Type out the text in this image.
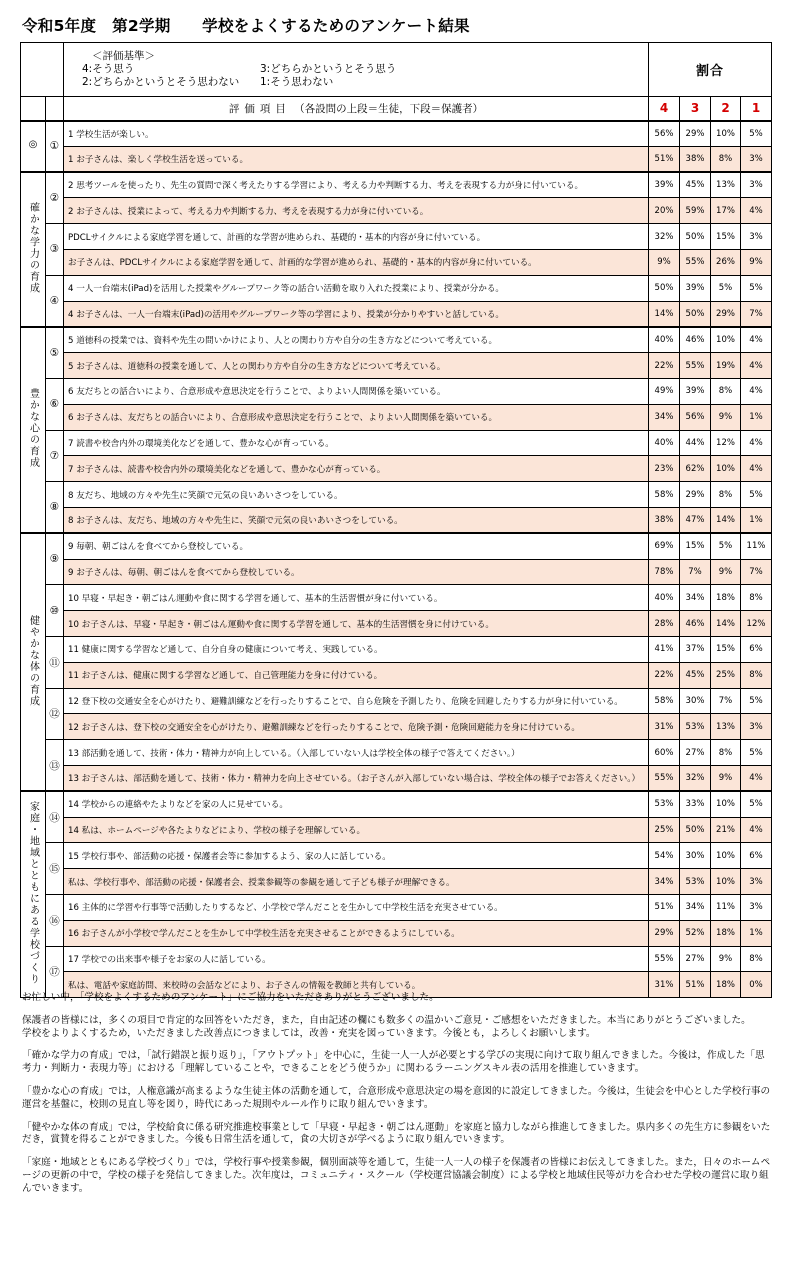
令和5年度　第2学期　　学校をよくするためのアンケート結果

		＜評価基準＞
4:そう思う 3:どちらかというとそう思う
2:どちらかというとそう思わない 1:そう思わない	割合			
		評価項目 （各設問の上段＝生徒，下段＝保護者）	4	3	2	1
◎	①	1 学校生活が楽しい。	56%	29%	10%	5%
		1 お子さんは、楽しく学校生活を送っている。	51%	38%	8%	3%
確かな学力の育成	②	2 思考ツールを使ったり、先生の質問で深く考えたりする学習により、考える力や判断する力、考えを表現する力が身に付いている。	39%	45%	13%	3%
		2 お子さんは、授業によって、考える力や判断する力、考えを表現する力が身に付いている。	20%	59%	17%	4%
	③	PDCLサイクルによる家庭学習を通して、計画的な学習が進められ、基礎的・基本的内容が身に付いている。	32%	50%	15%	3%
		お子さんは、PDCLサイクルによる家庭学習を通して、計画的な学習が進められ、基礎的・基本的内容が身に付いている。	9%	55%	26%	9%
	④	4 一人一台端末(iPad)を活用した授業やグループワーク等の話合い活動を取り入れた授業により、授業が分かる。	50%	39%	5%	5%
		4 お子さんは、一人一台端末(iPad)の活用やグループワーク等の学習により、授業が分かりやすいと話している。	14%	50%	29%	7%
豊かな心の育成	⑤	5 道徳科の授業では、資料や先生の問いかけにより、人との関わり方や自分の生き方などについて考えている。	40%	46%	10%	4%
		5 お子さんは、道徳科の授業を通して、人との関わり方や自分の生き方などについて考えている。	22%	55%	19%	4%
	⑥	6 友だちとの話合いにより、合意形成や意思決定を行うことで、よりよい人間関係を築いている。	49%	39%	8%	4%
		6 お子さんは、友だちとの話合いにより、合意形成や意思決定を行うことで、よりよい人間関係を築いている。	34%	56%	9%	1%
	⑦	7 読書や校舎内外の環境美化などを通して、豊かな心が育っている。	40%	44%	12%	4%
		7 お子さんは、読書や校舎内外の環境美化などを通して、豊かな心が育っている。	23%	62%	10%	4%
	⑧	8 友だち、地域の方々や先生に笑顔で元気の良いあいさつをしている。	58%	29%	8%	5%
		8 お子さんは、友だち、地域の方々や先生に、笑顔で元気の良いあいさつをしている。	38%	47%	14%	1%
健やかな体の育成	⑨	9 毎朝、朝ごはんを食べてから登校している。	69%	15%	5%	11%
		9 お子さんは、毎朝、朝ごはんを食べてから登校している。	78%	7%	9%	7%
	⑩	10 早寝・早起き・朝ごはん運動や食に関する学習を通して、基本的生活習慣が身に付いている。	40%	34%	18%	8%
		10 お子さんは、早寝・早起き・朝ごはん運動や食に関する学習を通して、基本的生活習慣を身に付けている。	28%	46%	14%	12%
	⑪	11 健康に関する学習など通して、自分自身の健康について考え、実践している。	41%	37%	15%	6%
		11 お子さんは、健康に関する学習など通して、自己管理能力を身に付けている。	22%	45%	25%	8%
	⑫	12 登下校の交通安全を心がけたり、避難訓練などを行ったりすることで、自ら危険を予測したり、危険を回避したりする力が身に付いている。	58%	30%	7%	5%
		12 お子さんは、登下校の交通安全を心がけたり、避難訓練などを行ったりすることで、危険予測・危険回避能力を身に付けている。	31%	53%	13%	3%
	⑬	13 部活動を通して、技術・体力・精神力が向上している。（入部していない人は学校全体の様子で答えてください。）	60%	27%	8%	5%
		13 お子さんは、部活動を通して、技術・体力・精神力を向上させている。（お子さんが入部していない場合は、学校全体の様子でお答えください。）	55%	32%	9%	4%
家庭・地域とともにある学校づくり	⑭	14 学校からの連絡やたよりなどを家の人に見せている。	53%	33%	10%	5%
		14 私は、ホームページや各たよりなどにより、学校の様子を理解している。	25%	50%	21%	4%
	⑮	15 学校行事や、部活動の応援・保護者会等に参加するよう、家の人に話している。	54%	30%	10%	6%
		私は、学校行事や、部活動の応援・保護者会、授業参観等の参観を通して子ども様子が理解できる。	34%	53%	10%	3%
	⑯	16 主体的に学習や行事等で活動したりするなど、小学校で学んだことを生かして中学校生活を充実させている。	51%	34%	11%	3%
		16 お子さんが小学校で学んだことを生かして中学校生活を充実させることができるようにしている。	29%	52%	18%	1%
	⑰	17 学校での出来事や様子をお家の人に話している。	55%	27%	9%	8%
		私は、電話や家庭訪問、来校時の会話などにより、お子さんの情報を教師と共有している。	31%	51%	18%	0%

お忙しい中，「学校をよくするためのアンケート」にご協力をいただきありがとうございました。

保護者の皆様には，多くの項目で肯定的な回答をいただき，また，自由記述の欄にも数多くの温かいご意見・ご感想をいただきました。本当にありがとうございました。

学校をよりよくするため，いただきました改善点につきましては，改善・充実を図っていきます。今後とも，よろしくお願いします。

「確かな学力の育成」では，「試行錯誤と振り返り」，「アウトプット」を中心に，生徒一人一人が必要とする学びの実現に向けて取り組んできました。今後は，作成した「思考力・判断力・表現力等」における「理解していることや，できることをどう使うか」に関わるラーニングスキル表の活用を推進していきます。

「豊かな心の育成」では，人権意識が高まるような生徒主体の活動を通して，合意形成や意思決定の場を意図的に設定してきました。今後は，生徒会を中心とした学校行事の運営を基盤に，校則の見直し等を図り，時代にあった規則やルール作りに取り組んでいきます。

「健やかな体の育成」では，学校給食に係る研究推進校事業として「早寝・早起き・朝ごはん運動」を家庭と協力しながら推進してきました。県内多くの先生方に参観をいただき，賞賛を得ることができました。今後も日常生活を通して，食の大切さが学べるように取り組んでいきます。

「家庭・地域とともにある学校づくり」では，学校行事や授業参観，個別面談等を通して，生徒一人一人の様子を保護者の皆様にお伝えしてきました。また，日々のホームページの更新の中で，学校の様子を発信してきました。次年度は，コミュニティ・スクール（学校運営協議会制度）による学校と地域住民等が力を合わせた学校の運営に取り組んでいきます。
